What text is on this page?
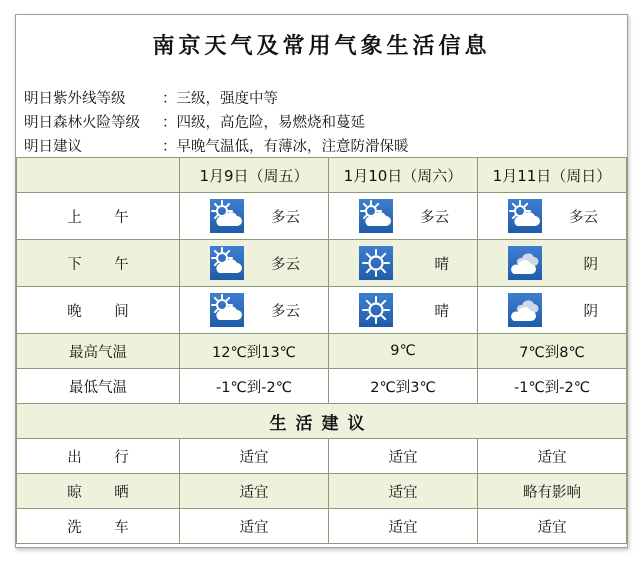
南京天气及常用气象生活信息
明日紫外线等级	：三级，强度中等
明日森林火险等级 ：四级，高危险，易燃烧和蔓延
明日建议	：早晚气温低，有薄冰，注意防滑保暖
	1月9日（周五）	1月10日（周六）	1月11日（周日）
上 午	多云	多云	多云

下 午	多云	晴	阴

晚 间	多云	晴	阴

最高气温	12℃到13℃	9℃	7℃到8℃
最低气温	-1℃到-2℃	2℃到3℃	-1℃到-2℃
生活建议			
出 行	适宜	适宜	适宜
晾 晒	适宜	适宜	略有影响
洗 车	适宜	适宜	适宜
